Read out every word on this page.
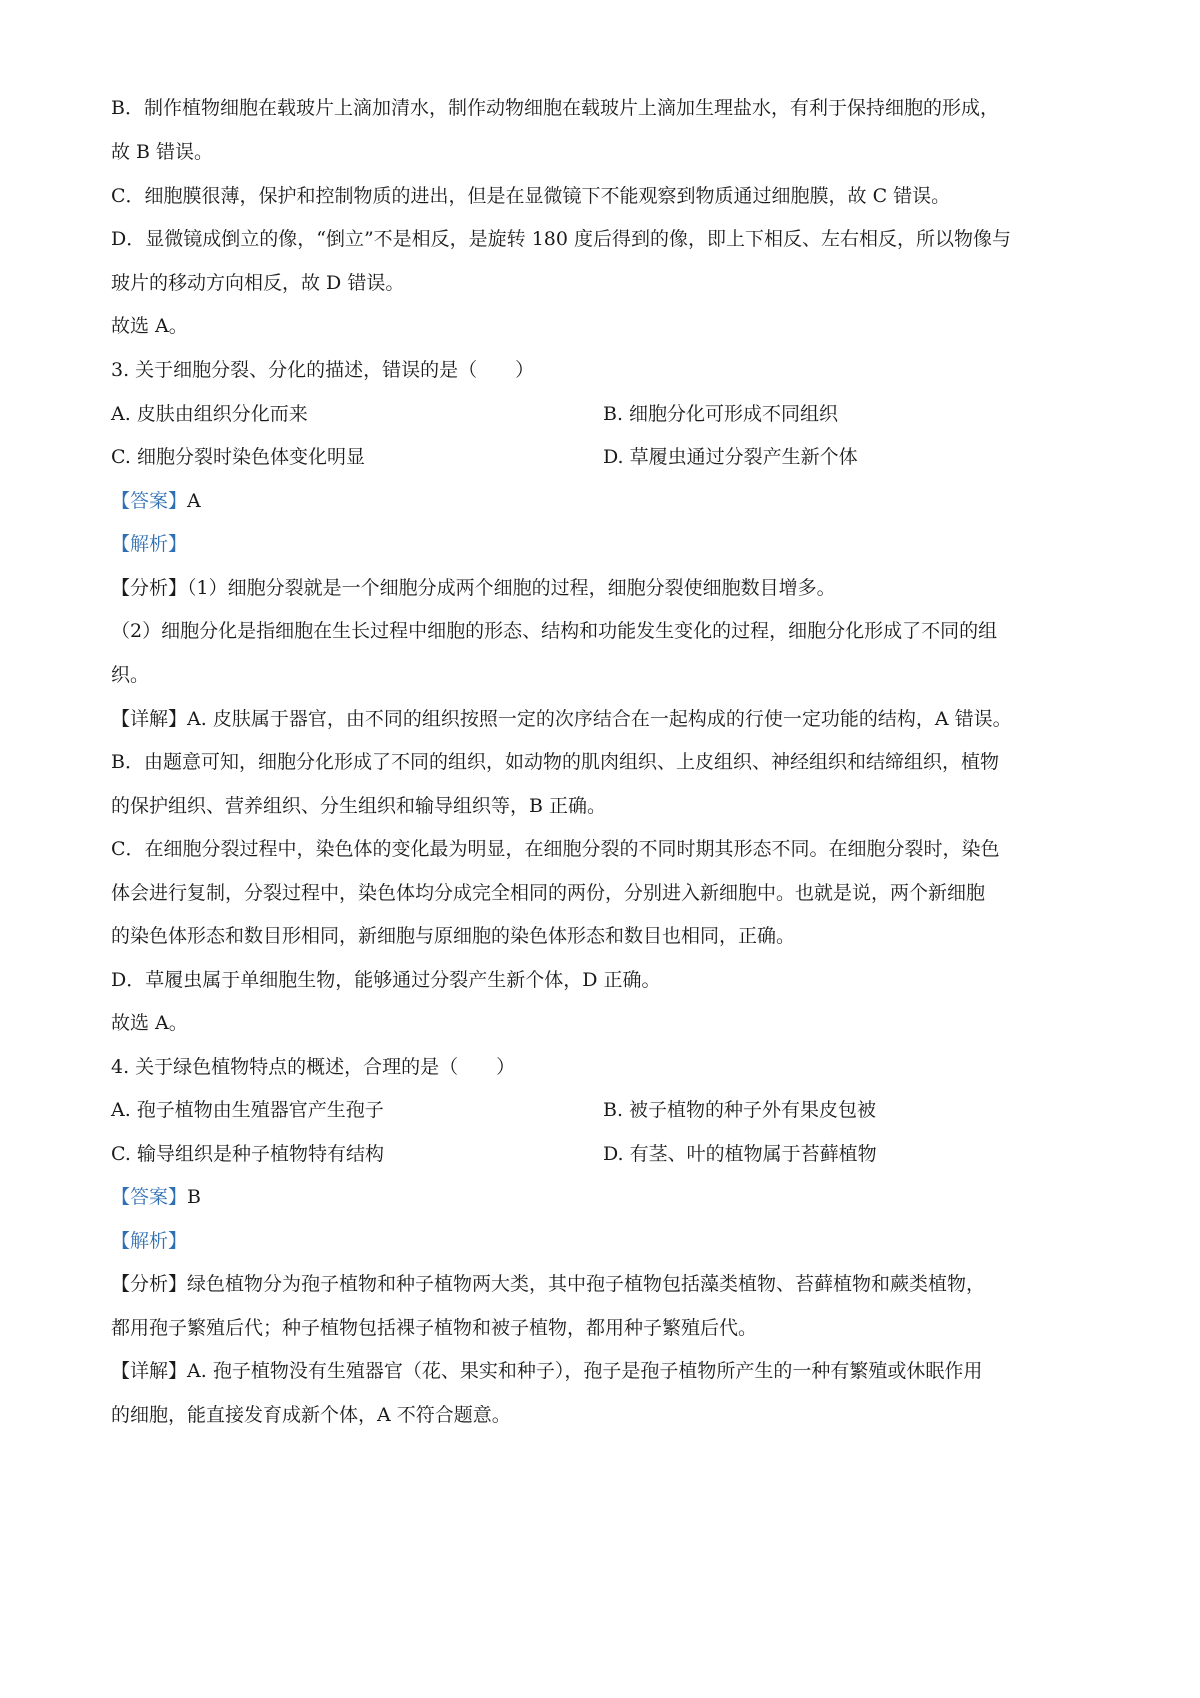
B．制作植物细胞在载玻片上滴加清水，制作动物细胞在载玻片上滴加生理盐水，有利于保持细胞的形成，
故 B 错误。
C．细胞膜很薄，保护和控制物质的进出，但是在显微镜下不能观察到物质通过细胞膜，故 C 错误。
D．显微镜成倒立的像，“倒立”不是相反，是旋转 180 度后得到的像，即上下相反、左右相反，所以物像与
玻片的移动方向相反，故 D 错误。
故选 A。
3. 关于细胞分裂、分化的描述，错误的是（　　）
A. 皮肤由组织分化而来	B. 细胞分化可形成不同组织
C. 细胞分裂时染色体变化明显	D. 草履虫通过分裂产生新个体
【答案】A
【解析】
【分析】（1）细胞分裂就是一个细胞分成两个细胞的过程，细胞分裂使细胞数目增多。
（2）细胞分化是指细胞在生长过程中细胞的形态、结构和功能发生变化的过程，细胞分化形成了不同的组
织。
【详解】A. 皮肤属于器官，由不同的组织按照一定的次序结合在一起构成的行使一定功能的结构，A 错误。
B．由题意可知，细胞分化形成了不同的组织，如动物的肌肉组织、上皮组织、神经组织和结缔组织，植物
的保护组织、营养组织、分生组织和输导组织等，B 正确。
C．在细胞分裂过程中，染色体的变化最为明显，在细胞分裂的不同时期其形态不同。在细胞分裂时，染色
体会进行复制，分裂过程中，染色体均分成完全相同的两份，分别进入新细胞中。也就是说，两个新细胞
的染色体形态和数目形相同，新细胞与原细胞的染色体形态和数目也相同，正确。
D．草履虫属于单细胞生物，能够通过分裂产生新个体，D 正确。
故选 A。
4. 关于绿色植物特点的概述，合理的是（　　）
A. 孢子植物由生殖器官产生孢子	B. 被子植物的种子外有果皮包被
C. 输导组织是种子植物特有结构	D. 有茎、叶的植物属于苔藓植物
【答案】B
【解析】
【分析】绿色植物分为孢子植物和种子植物两大类，其中孢子植物包括藻类植物、苔藓植物和蕨类植物，
都用孢子繁殖后代；种子植物包括裸子植物和被子植物，都用种子繁殖后代。
【详解】A. 孢子植物没有生殖器官（花、果实和种子），孢子是孢子植物所产生的一种有繁殖或休眠作用
的细胞，能直接发育成新个体，A 不符合题意。
